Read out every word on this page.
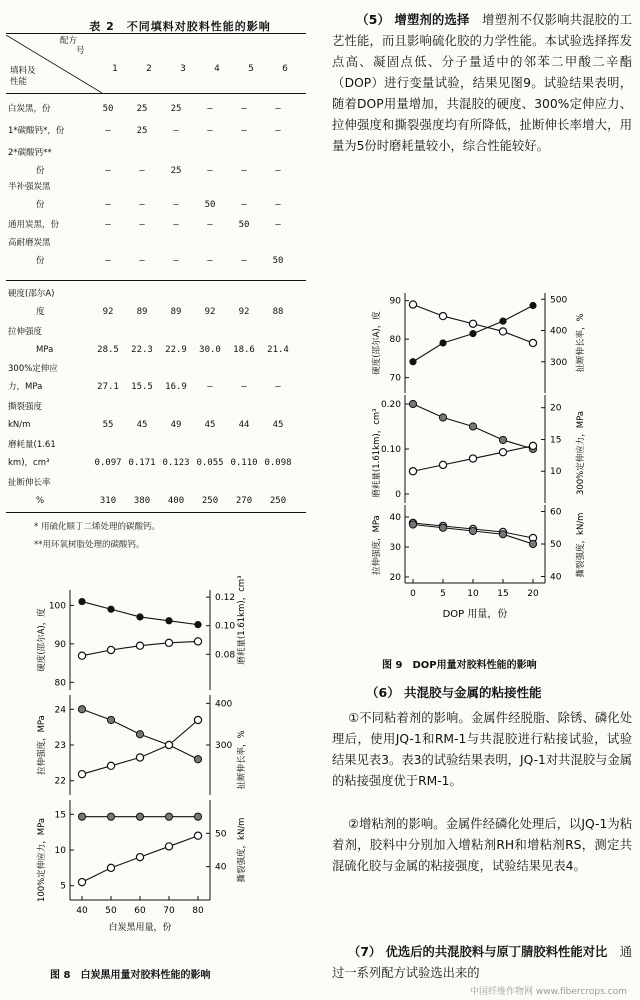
表 2　不同填料对胶料性能的影响
配方
号
填料及
性能
1	2	3	4	5	6
白炭黑，份	50	25	25	—	—	—
1*碳酸钙*，份	—	25	—	—	—	—
2*碳酸钙**
份	—	—	25	—	—	—
半补强炭黑
份	—	—	—	50	—	—
通用炭黑，份	—	—	—	—	50	—
高耐磨炭黑
份	—	—	—	—	—	50
硬度(邵尔A)
度	92	89	89	92	92	88
拉伸强度
MPa	28.5	22.3	22.9	30.0	18.6	21.4
300%定伸应
力，MPa	27.1	15.5	16.9	—	—	—
撕裂强度
kN/m	55	45	49	45	44	45
磨耗量(1.61
km)，cm³	0.097 0.171 0.123 0.055 0.110 0.098
扯断伸长率
%	310	380	400	250	270	250
* 用硫化顺丁二烯处理的碳酸钙。
**用环氧树脂处理的碳酸钙。
100
90
80
0.12
0.10
0.08
24
23
22
400
300
15
10
5
50
40
40 50 60 70 80
白炭黑用量，份
硬度(邵尔A)，度	磨耗量(1.61km)，cm³
拉伸强度，MPa	扯断伸长率，%
100%定伸应力，MPa	撕裂强度，kN/m
图 8　白炭黑用量对胶料性能的影响
（5） 增塑剂的选择　 增塑剂不仅影响共混胶的工艺性能，而且影响硫化胶的力学性能。本试验选择挥发点高、凝固点低、分子量适中的邻苯二甲酸二辛酯（DOP）进行变量试验，结果见图9。试验结果表明，随着DOP用量增加，共混胶的硬度、300%定伸应力、拉伸强度和撕裂强度均有所降低，扯断伸长率增大，用量为5份时磨耗量较小，综合性能较好。
90
80
70
500
400
300
0.20
0.10
0
20
15
10
40
30
20
60
50
40
0	5 10 15 20
DOP 用量，份
硬度(邵尔A)，度	扯断伸长率，%
磨耗量(1.61km)，cm³	300%定伸应力，MPa
拉伸强度，MPa	撕裂强度，kN/m
图 9　DOP用量对胶料性能的影响
（6） 共混胶与金属的粘接性能
①不同粘着剂的影响。金属件经脱脂、除锈、磷化处理后，使用JQ-1和RM-1与共混胶进行粘接试验，试验结果见表3。表3的试验结果表明，JQ-1对共混胶与金属的粘接强度优于RM-1。
②增粘剂的影响。金属件经磷化处理后，以JQ-1为粘着剂，胶料中分别加入增粘剂RH和增粘剂RS，测定共混硫化胶与金属的粘接强度，试验结果见表4。
（7） 优选后的共混胶料与原丁腈胶料性能对比　 通过一系列配方试验选出来的
中国纤维作物网 www.fibercrops.com
